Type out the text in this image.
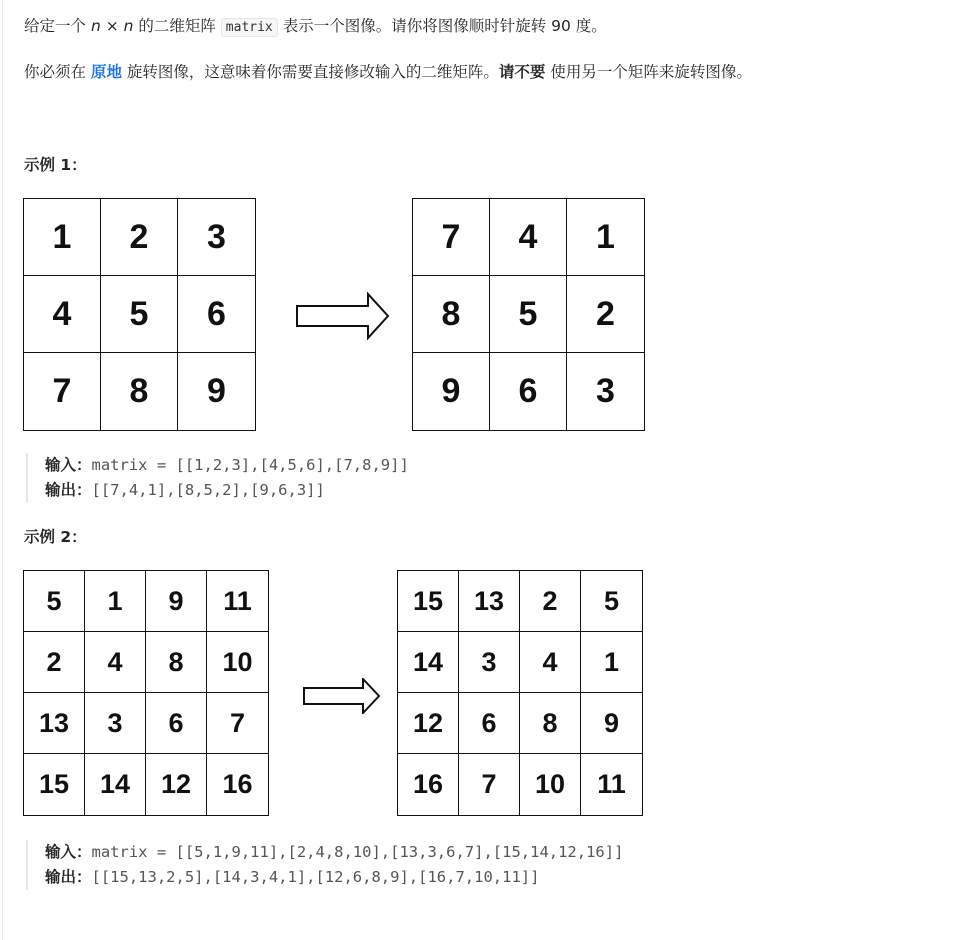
给定一个 n × n 的二维矩阵 matrix 表示一个图像。请你将图像顺时针旋转 90 度。
你必须在 原地 旋转图像，这意味着你需要直接修改输入的二维矩阵。请不要 使用另一个矩阵来旋转图像。
示例 1：
1	2	3
4	5	6
7	8	9
7	4	1
8	5	2
9	6	3
输入：matrix = [[1,2,3],[4,5,6],[7,8,9]]
输出：[[7,4,1],[8,5,2],[9,6,3]]
示例 2：
5	1	9	11
2	4	8	10
13	3	6	7
15	14	12	16
15	13	2	5
14	3	4	1
12	6	8	9
16	7	10	11
输入：matrix = [[5,1,9,11],[2,4,8,10],[13,3,6,7],[15,14,12,16]]
输出：[[15,13,2,5],[14,3,4,1],[12,6,8,9],[16,7,10,11]]
